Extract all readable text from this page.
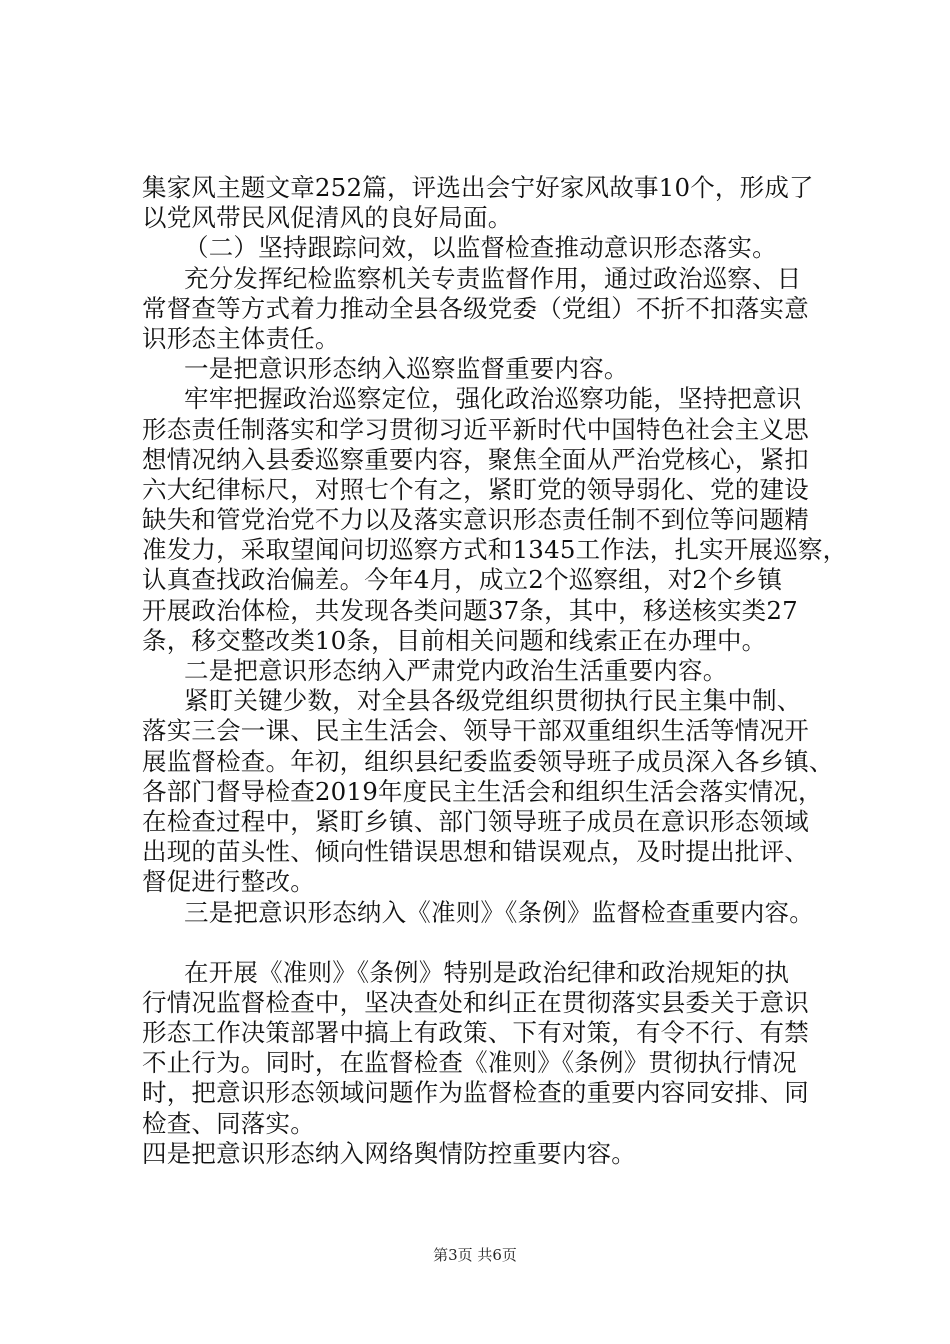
集家风主题文章252篇，评选出会宁好家风故事10个，形成了
以党风带民风促清风的良好局面。
（二）坚持跟踪问效，以监督检查推动意识形态落实。
充分发挥纪检监察机关专责监督作用，通过政治巡察、日
常督查等方式着力推动全县各级党委（党组）不折不扣落实意
识形态主体责任。
一是把意识形态纳入巡察监督重要内容。
牢牢把握政治巡察定位，强化政治巡察功能，坚持把意识
形态责任制落实和学习贯彻习近平新时代中国特色社会主义思
想情况纳入县委巡察重要内容，聚焦全面从严治党核心，紧扣
六大纪律标尺，对照七个有之，紧盯党的领导弱化、党的建设
缺失和管党治党不力以及落实意识形态责任制不到位等问题精
准发力，采取望闻问切巡察方式和1345工作法，扎实开展巡察，
认真查找政治偏差。今年4月，成立2个巡察组，对2个乡镇
开展政治体检，共发现各类问题37条，其中，移送核实类27
条，移交整改类10条，目前相关问题和线索正在办理中。
二是把意识形态纳入严肃党内政治生活重要内容。
紧盯关键少数，对全县各级党组织贯彻执行民主集中制、
落实三会一课、民主生活会、领导干部双重组织生活等情况开
展监督检查。年初，组织县纪委监委领导班子成员深入各乡镇、
各部门督导检查2019年度民主生活会和组织生活会落实情况，
在检查过程中，紧盯乡镇、部门领导班子成员在意识形态领域
出现的苗头性、倾向性错误思想和错误观点，及时提出批评、
督促进行整改。
三是把意识形态纳入《准则》《条例》监督检查重要内容。
在开展《准则》《条例》特别是政治纪律和政治规矩的执
行情况监督检查中，坚决查处和纠正在贯彻落实县委关于意识
形态工作决策部署中搞上有政策、下有对策，有令不行、有禁
不止行为。同时，在监督检查《准则》《条例》贯彻执行情况
时，把意识形态领域问题作为监督检查的重要内容同安排、同
检查、同落实。
四是把意识形态纳入网络舆情防控重要内容。
第3页 共6页
